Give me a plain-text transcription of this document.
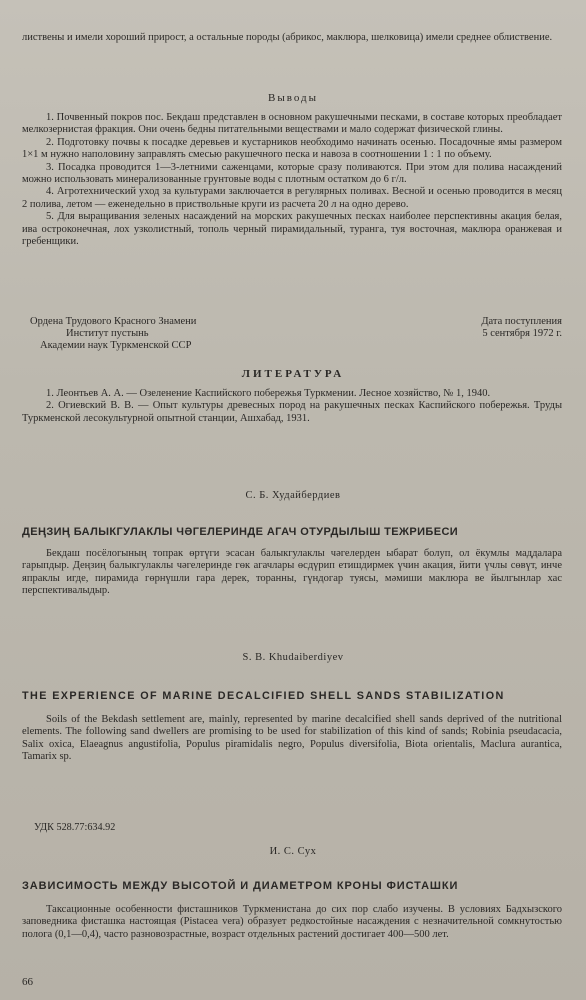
листвены и имели хороший прирост, а остальные породы (абрикос, маклюра, шелковица) имели среднее облиствение.

Выводы

1. Почвенный покров пос. Бекдаш представлен в основном ракушечными песками, в составе которых преобладает мелкозернистая фракция. Они очень бедны питательными веществами и мало содержат физической глины.

2. Подготовку почвы к посадке деревьев и кустарников необходимо начинать осенью. Посадочные ямы размером 1×1 м нужно наполовину заправлять смесью ракушечного песка и навоза в соотношении 1 : 1 по объему.

3. Посадка проводится 1—3-летними саженцами, которые сразу поливаются. При этом для полива насаждений можно использовать минерализованные грунтовые воды с плотным остатком до 6 г/л.

4. Агротехнический уход за культурами заключается в регулярных поливах. Весной и осенью проводится в месяц 2 полива, летом — еженедельно в приствольные круги из расчета 20 л на одно дерево.

5. Для выращивания зеленых насаждений на морских ракушечных песках наиболее перспективны акация белая, ива остроконечная, лох узколистный, тополь черный пирамидальный, туранга, туя восточная, маклюра оранжевая и гребенщики.

Ордена Трудового Красного Знамени	Дата поступления
Институт пустынь	5 сентября 1972 г.
Академии наук Туркменской ССР

ЛИТЕРАТУРА

1. Леонтьев А. А. — Озеленение Каспийского побережья Туркмении. Лесное хозяйство, № 1, 1940.

2. Огиевский В. В. — Опыт культуры древесных пород на ракушечных песках Каспийского побережья. Труды Туркменской лесокультурной опытной станции, Ашхабад, 1931.

С. Б. Худайбердиев

ДЕҢЗИҢ БАЛЫКГУЛАКЛЫ ЧӘГЕЛЕРИНДЕ АГАЧ ОТУРДЫЛЫШ ТЕЖРИБЕСИ

Бекдаш посёлогының топрак өртүги эсасан балыкгулаклы чәгелерден ыбарат болуп, ол ёкумлы маддалара гарыпдыр. Деңзиң балыкгулаклы чәгелеринде гөк агачлары өсдүрип етишдирмек үчин акация, йити үчлы сөвүт, инче япраклы игде, пирамида гөрнүшли гара дерек, торанны, гүндогар туясы, мәмиши маклюра ве йылгынлар хас перспективалыдыр.

S. B. Khudaiberdiyev

THE EXPERIENCE OF MARINE DECALCIFIED SHELL SANDS STABILIZATION

Soils of the Bekdash settlement are, mainly, represented by marine decalcified shell sands deprived of the nutritional elements. The following sand dwellers are promising to be used for stabilization of this kind of sands; Robinia pseudacacia, Salix oxica, Elaeagnus angustifolia, Populus piramidalis negro, Populus diversifolia, Biota orientalis, Maclura aurantica, Tamarix sp.

УДК 528.77:634.92

И. С. Сух

ЗАВИСИМОСТЬ МЕЖДУ ВЫСОТОЙ И ДИАМЕТРОМ КРОНЫ ФИСТАШКИ

Таксационные особенности фисташников Туркменистана до сих пор слабо изучены. В условиях Бадхызского заповедника фисташка настоящая (Pistacea vera) образует редкостойные насаждения с незначительной сомкнутостью полога (0,1—0,4), часто разновозрастные, возраст отдельных растений достигает 400—500 лет.

66
